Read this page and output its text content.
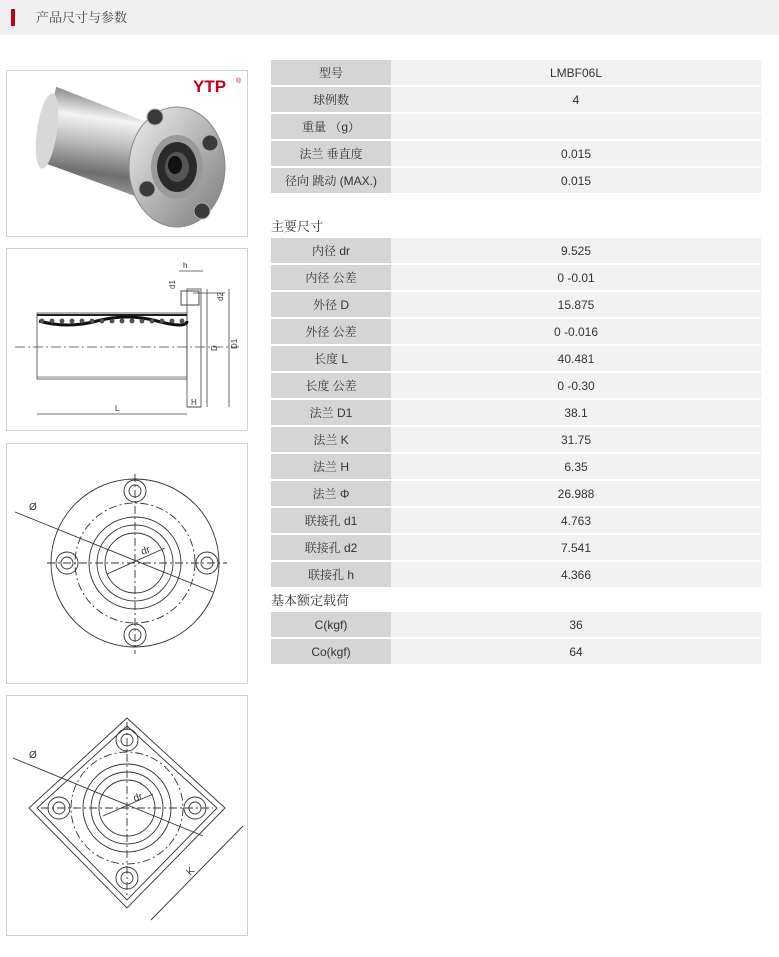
产品尺寸与参数
YTP ®
h
d1
d2
D D1
L
H
Ø
dr
Ø
dr
K
型号	LMBF06L
球例数	4
重量 （g）	
法兰 垂直度	0.015
径向 跳动 (MAX.)	0.015
主要尺寸
内径 dr	9.525
内径 公差	0 -0.01
外径 D	15.875
外径 公差	0 -0.016
长度 L	40.481
长度 公差	0 -0.30
法兰 D1	38.1
法兰 K	31.75
法兰 H	6.35
法兰 Φ	26.988
联接孔 d1	4.763
联接孔 d2	7.541
联接孔 h	4.366
基本额定载荷
C(kgf)	36
Co(kgf)	64
